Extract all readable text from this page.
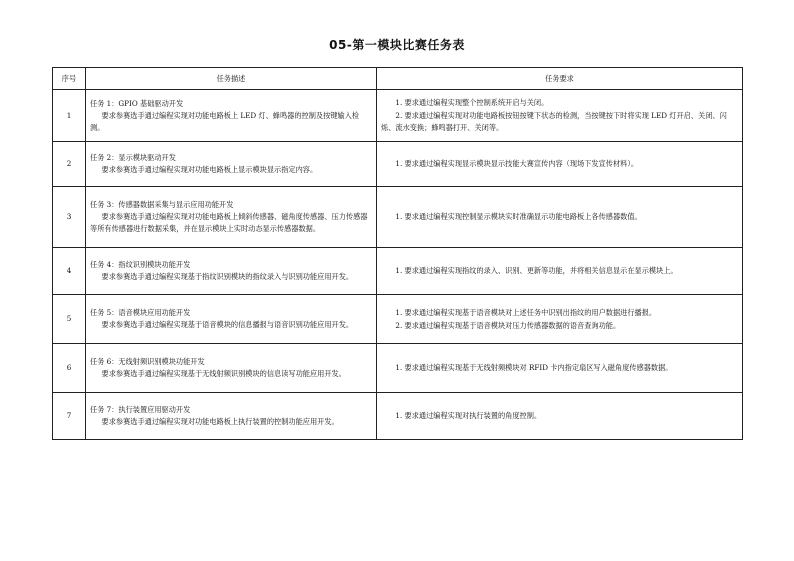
05-第一模块比赛任务表
序号	任务描述	任务要求
1	任务 1：GPIO 基础驱动开发
要求参赛选手通过编程实现对功能电路板上 LED 灯、蜂鸣器的控制及按键输入检测。	1. 要求通过编程实现整个控制系统开启与关闭。
2. 要求通过编程实现对功能电路板按钮按键下状态的检测，当按键按下时将实现 LED 灯开启、关闭、闪烁、流水变换；蜂鸣器打开、关闭等。

2	任务 2：显示模块驱动开发
要求参赛选手通过编程实现对功能电路板上显示模块显示指定内容。	1. 要求通过编程实现显示模块显示技能大赛宣传内容（现场下发宣传材料）。

3	任务 3：传感器数据采集与显示应用功能开发
要求参赛选手通过编程实现对功能电路板上倾斜传感器、磁角度传感器、压力传感器等所有传感器进行数据采集，并在显示模块上实时动态显示传感器数据。	1. 要求通过编程实现控制显示模块实时准确显示功能电路板上各传感器数值。

4	任务 4：指纹识别模块功能开发
要求参赛选手通过编程实现基于指纹识别模块的指纹录入与识别功能应用开发。	1. 要求通过编程实现指纹的录入、识别、更新等功能，并将相关信息显示在显示模块上。

5	任务 5：语音模块应用功能开发
要求参赛选手通过编程实现基于语音模块的信息播报与语音识别功能应用开发。	1. 要求通过编程实现基于语音模块对上述任务中识别出指纹的用户数据进行播报。
2. 要求通过编程实现基于语音模块对压力传感器数据的语音查询功能。

6	任务 6：无线射频识别模块功能开发
要求参赛选手通过编程实现基于无线射频识别模块的信息读写功能应用开发。	1. 要求通过编程实现基于无线射频模块对 RFID 卡内指定扇区写入磁角度传感器数据。

7	任务 7：执行装置应用驱动开发
要求参赛选手通过编程实现对功能电路板上执行装置的控制功能应用开发。	1. 要求通过编程实现对执行装置的角度控制。
